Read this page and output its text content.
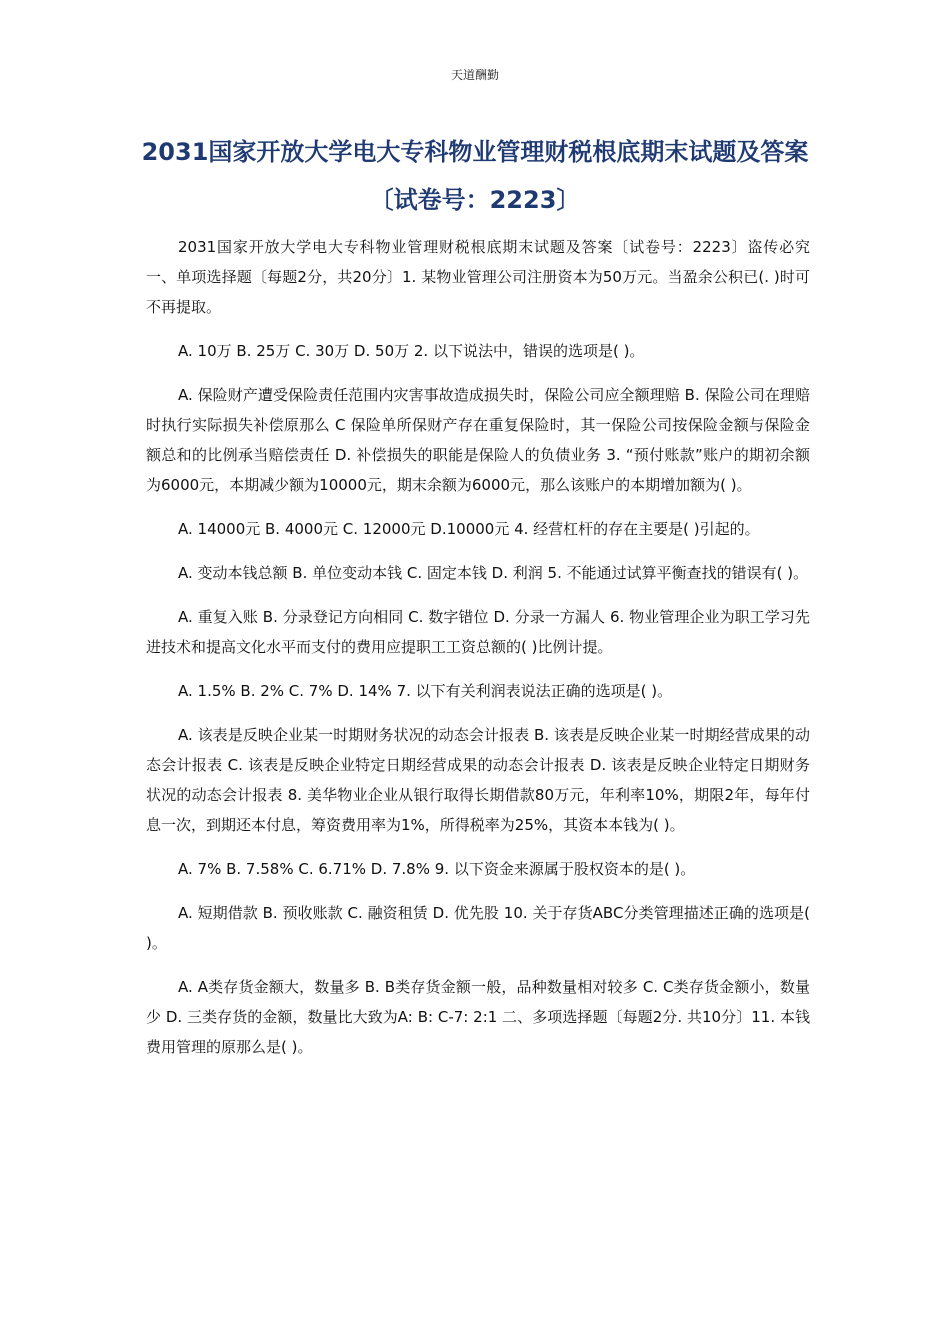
天道酬勤
2031国家开放大学电大专科物业管理财税根底期末试题及答案
〔试卷号：2223〕

2031国家开放大学电大专科物业管理财税根底期末试题及答案〔试卷号：2223〕盗传必究 一、单项选择题〔每题2分，共20分〕1. 某物业管理公司注册资本为50万元。当盈余公积已(. )时可不再提取。

A. 10万 B. 25万 C. 30万 D. 50万 2. 以下说法中，错误的选项是( )。

A. 保险财产遭受保险责任范围内灾害事故造成损失时，保险公司应全额理赔 B. 保险公司在理赔时执行实际损失补偿原那么 C 保险单所保财产存在重复保险时，其一保险公司按保险金额与保险金额总和的比例承当赔偿责任 D. 补偿损失的职能是保险人的负债业务 3. “预付账款”账户的期初余额为6000元，本期减少额为10000元，期末余额为6000元，那么该账户的本期增加额为( )。

A. 14000元 B. 4000元 C. 12000元 D.10000元 4. 经营杠杆的存在主要是( )引起的。

A. 变动本钱总额 B. 单位变动本钱 C. 固定本钱 D. 利润 5. 不能通过试算平衡查找的错误有( )。

A. 重复入账 B. 分录登记方向相同 C. 数字错位 D. 分录一方漏人 6. 物业管理企业为职工学习先进技术和提高文化水平而支付的费用应提职工工资总额的( )比例计提。

A. 1.5% B. 2% C. 7% D. 14% 7. 以下有关利润表说法正确的选项是( )。

A. 该表是反映企业某一时期财务状况的动态会计报表 B. 该表是反映企业某一时期经营成果的动态会计报表 C. 该表是反映企业特定日期经营成果的动态会计报表 D. 该表是反映企业特定日期财务状况的动态会计报表 8. 美华物业企业从银行取得长期借款80万元，年利率10%，期限2年，每年付息一次，到期还本付息，筹资费用率为1%，所得税率为25%，其资本本钱为( )。

A. 7% B. 7.58% C. 6.71% D. 7.8% 9. 以下资金来源属于股权资本的是( )。

A. 短期借款 B. 预收账款 C. 融资租赁 D. 优先股 10. 关于存货ABC分类管理描述正确的选项是( )。

A. A类存货金额大，数量多 B. B类存货金额一般，品种数量相对较多 C. C类存货金额小，数量少 D. 三类存货的金额，数量比大致为A: B: C-7: 2:1 二、多项选择题〔每题2分. 共10分〕11. 本钱费用管理的原那么是( )。
